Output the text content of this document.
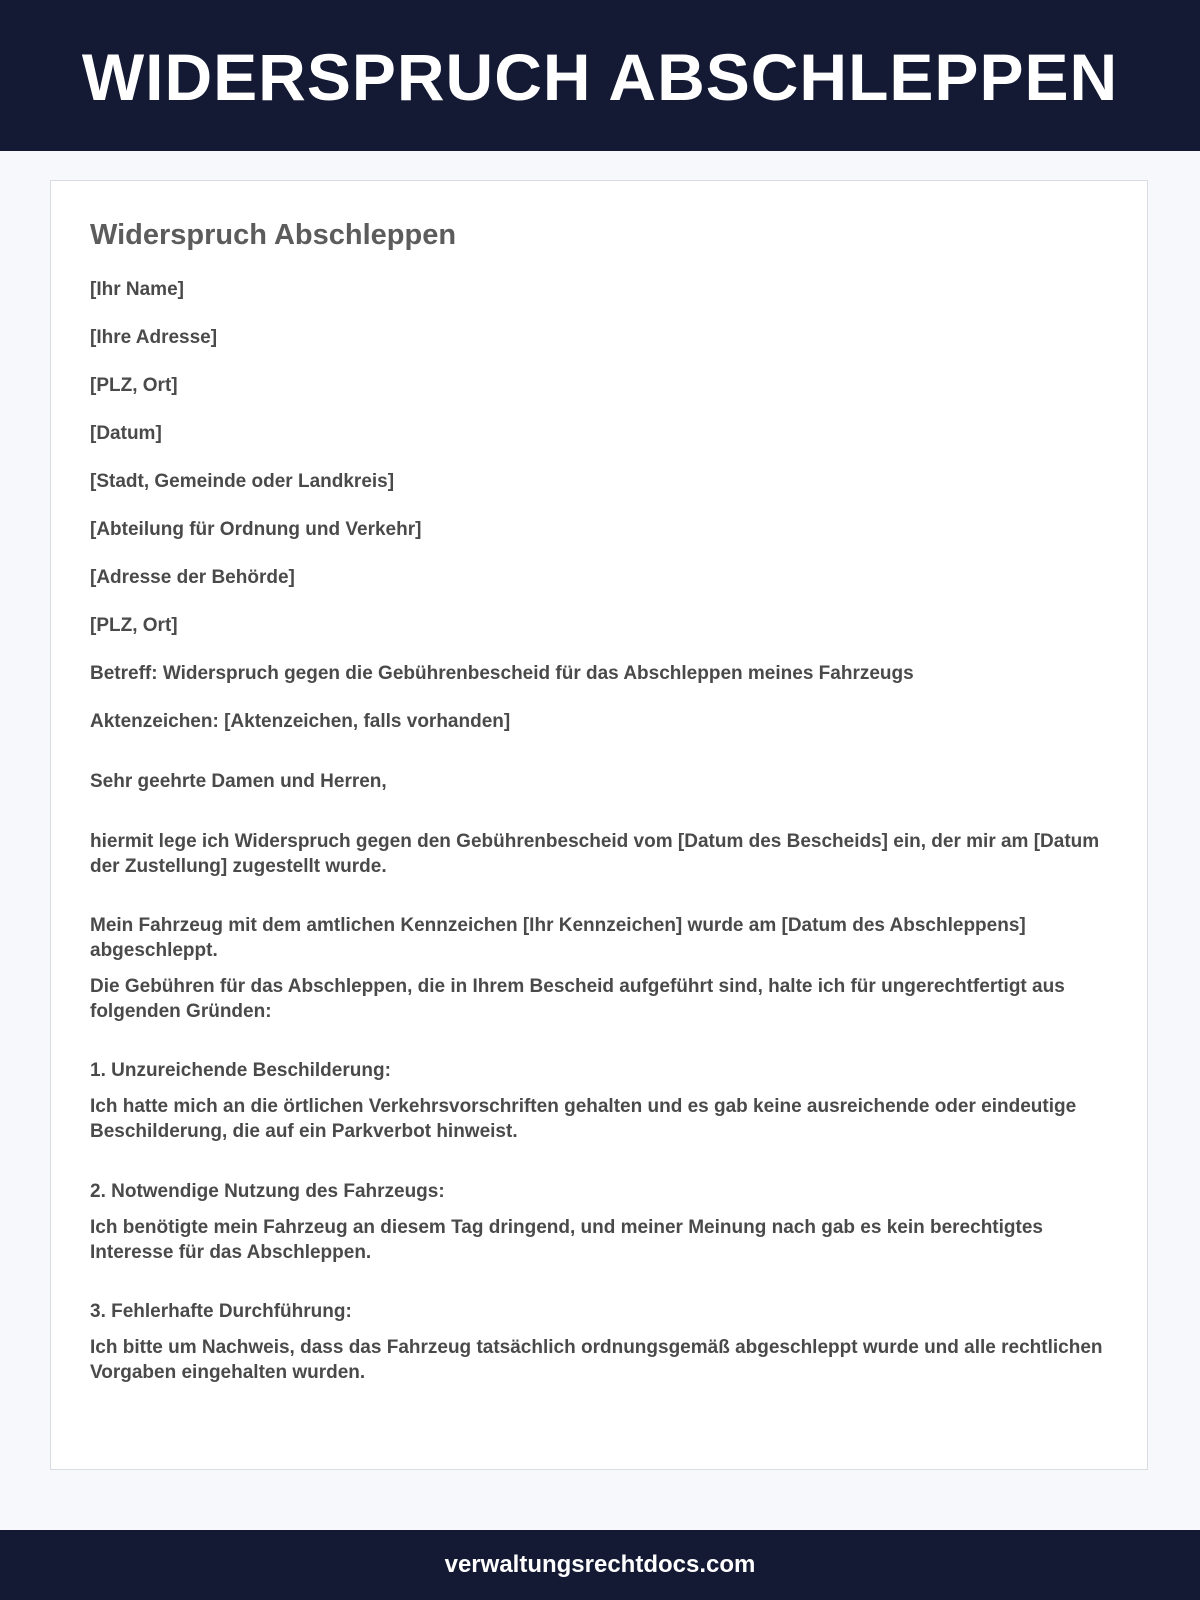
WIDERSPRUCH ABSCHLEPPEN
Widerspruch Abschleppen

[Ihr Name]

[Ihre Adresse]

[PLZ, Ort]

[Datum]

[Stadt, Gemeinde oder Landkreis]

[Abteilung für Ordnung und Verkehr]

[Adresse der Behörde]

[PLZ, Ort]

Betreff: Widerspruch gegen die Gebührenbescheid für das Abschleppen meines Fahrzeugs

Aktenzeichen: [Aktenzeichen, falls vorhanden]

Sehr geehrte Damen und Herren,

hiermit lege ich Widerspruch gegen den Gebührenbescheid vom [Datum des Bescheids] ein, der mir am [Datum der Zustellung] zugestellt wurde.

Mein Fahrzeug mit dem amtlichen Kennzeichen [Ihr Kennzeichen] wurde am [Datum des Abschleppens] abgeschleppt.

Die Gebühren für das Abschleppen, die in Ihrem Bescheid aufgeführt sind, halte ich für ungerechtfertigt aus folgenden Gründen:

1. Unzureichende Beschilderung:

Ich hatte mich an die örtlichen Verkehrsvorschriften gehalten und es gab keine ausreichende oder eindeutige Beschilderung, die auf ein Parkverbot hinweist.

2. Notwendige Nutzung des Fahrzeugs:

Ich benötigte mein Fahrzeug an diesem Tag dringend, und meiner Meinung nach gab es kein berechtigtes Interesse für das Abschleppen.

3. Fehlerhafte Durchführung:

Ich bitte um Nachweis, dass das Fahrzeug tatsächlich ordnungsgemäß abgeschleppt wurde und alle rechtlichen Vorgaben eingehalten wurden.

verwaltungsrechtdocs.com
